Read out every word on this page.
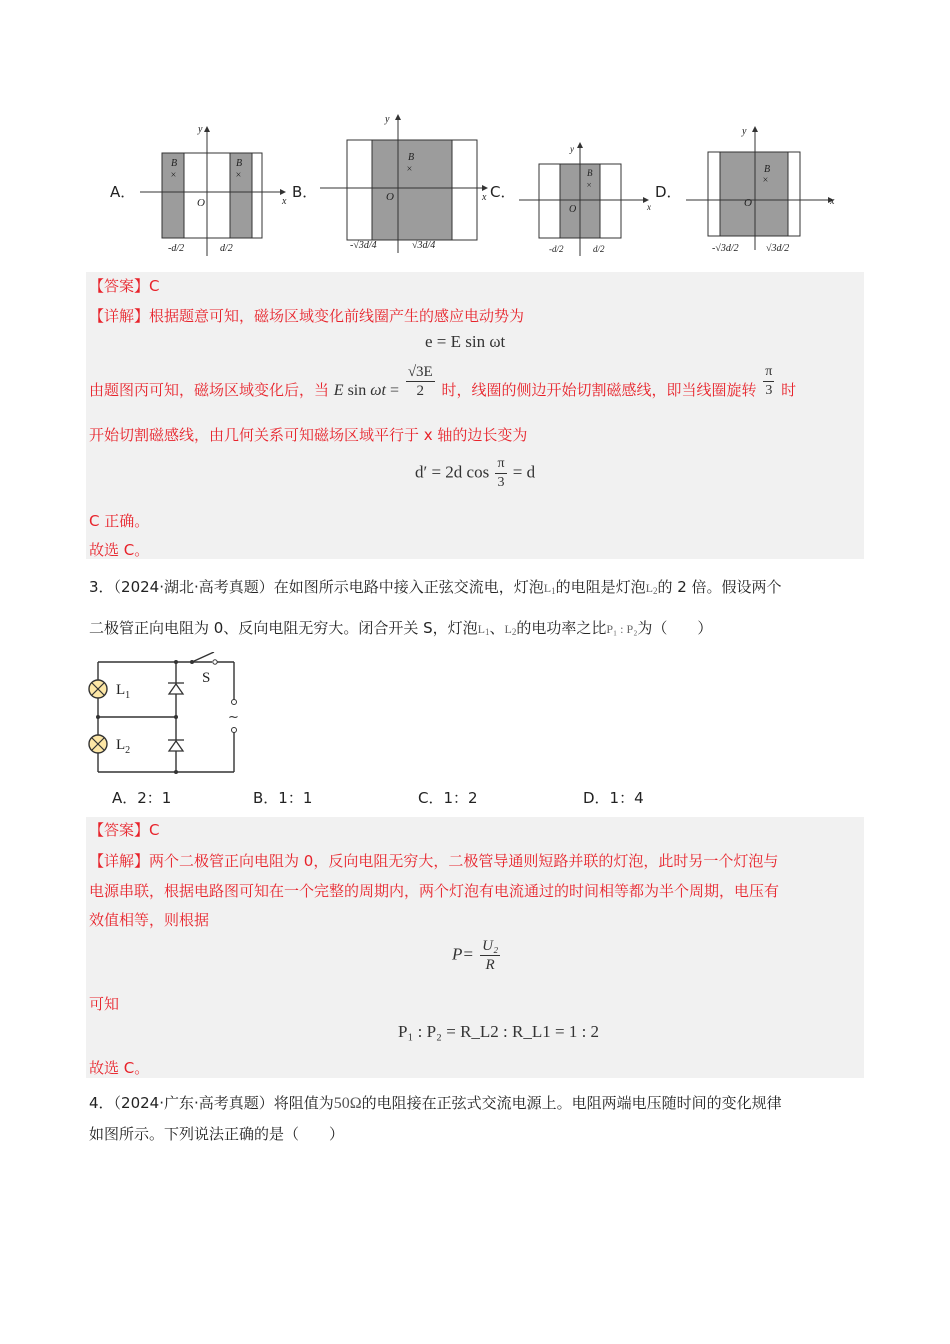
A．	B．	C．	D．
y
x
O
B
×
B
×
-d/2	d/2
y
x
O
B
×
-√3d/4	√3d/4
y
x
O
B
×
-d/2	d/2
y
x
O
B
×
-√3d/2	√3d/2
【答案】C
【详解】根据题意可知，磁场区域变化前线圈产生的感应电动势为
e = E sin ωt
由题图丙可知，磁场区域变化后，当 E $\sin \omega t = \frac{√3E}{2}$ 时，线圈的侧边开始切割磁感线，即当线圈旋转 $\frac{\pi}{3}$ 时
开始切割磁感线，由几何关系可知磁场区域平行于 x 轴的边长变为
d′ = 2d $\cos \frac{\pi}{3} = d$
C 正确。
故选 C。
3．（2024·湖北·高考真题）在如图所示电路中接入正弦交流电，灯泡$L_1$的电阻是灯泡$L_2$的 2 倍。假设两个
二极管正向电阻为 0、反向电阻无穷大。闭合开关 S，灯泡$L_1$、$L_2$的电功率之比P₁ : P₂为（　　）
~
S
$L_1$
$L_2$
A．2：1	B．1：1	C．1：2	D．1：4
【答案】C
【详解】两个二极管正向电阻为 0，反向电阻无穷大，二极管导通则短路并联的灯泡，此时另一个灯泡与
电源串联，根据电路图可知在一个完整的周期内，两个灯泡有电流通过的时间相等都为半个周期，电压有
效值相等，则根据
$P= \frac{\text{U₂}}{R}$
可知
P₁ : P₂ = R_L2 : R_L1 = 1 : 2
故选 C。
4．（2024·广东·高考真题）将阻值为50Ω的电阻接在正弦式交流电源上。电阻两端电压随时间的变化规律
如图所示。下列说法正确的是（　　）
